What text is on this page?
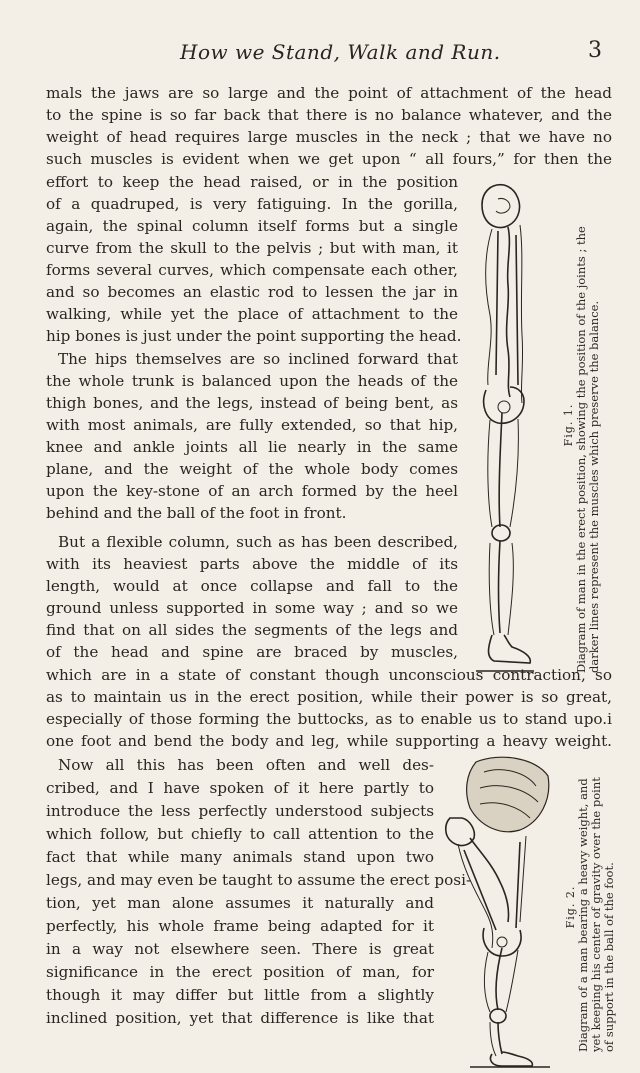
How we Stand, Walk and Run.	3
mals the jaws are so large and the point of attachment of the head
to the spine is so far back that there is no balance whatever, and the
weight of head requires large muscles in the neck ; that we have no
such muscles is evident when we get upon “ all fours,” for then the
effort to keep the head raised, or in the position
of a quadruped, is very fatiguing. In the gorilla,
again, the spinal column itself forms but a single
curve from the skull to the pelvis ; but with man, it
forms several curves, which compensate each other,
and so becomes an elastic rod to lessen the jar in
walking, while yet the place of attachment to the
hip bones is just under the point supporting the head.
The hips themselves are so inclined forward that
the whole trunk is balanced upon the heads of the
thigh bones, and the legs, instead of being bent, as
with most animals, are fully extended, so that hip,
knee and ankle joints all lie nearly in the same
plane, and the weight of the whole body comes
upon the key-stone of an arch formed by the heel
behind and the ball of the foot in front.
But a flexible column, such as has been described,
with its heaviest parts above the middle of its
length, would at once collapse and fall to the
ground unless supported in some way ; and so we
find that on all sides the segments of the legs and
of the head and spine are braced by muscles,
which are in a state of constant though unconscious contraction, so
as to maintain us in the erect position, while their power is so great,
especially of those forming the buttocks, as to enable us to stand upo.i
one foot and bend the body and leg, while supporting a heavy weight.
Now all this has been often and well des-
cribed, and I have spoken of it here partly to
introduce the less perfectly understood subjects
which follow, but chiefly to call attention to the
fact that while many animals stand upon two
legs, and may even be taught to assume the erect posi-
tion, yet man alone assumes it naturally and
perfectly, his whole frame being adapted for it
in a way not elsewhere seen. There is great
significance in the erect position of man, for
though it may differ but little from a slightly
inclined position, yet that difference is like that
Fig. 1. Diagram of man in the erect position, showing the position of the joints ; the darker lines represent the muscles which preserve the balance.
Fig. 2. Diagram of a man bearing a heavy weight, and yet keeping his center of gravity over the point of support in the ball of the foot.
